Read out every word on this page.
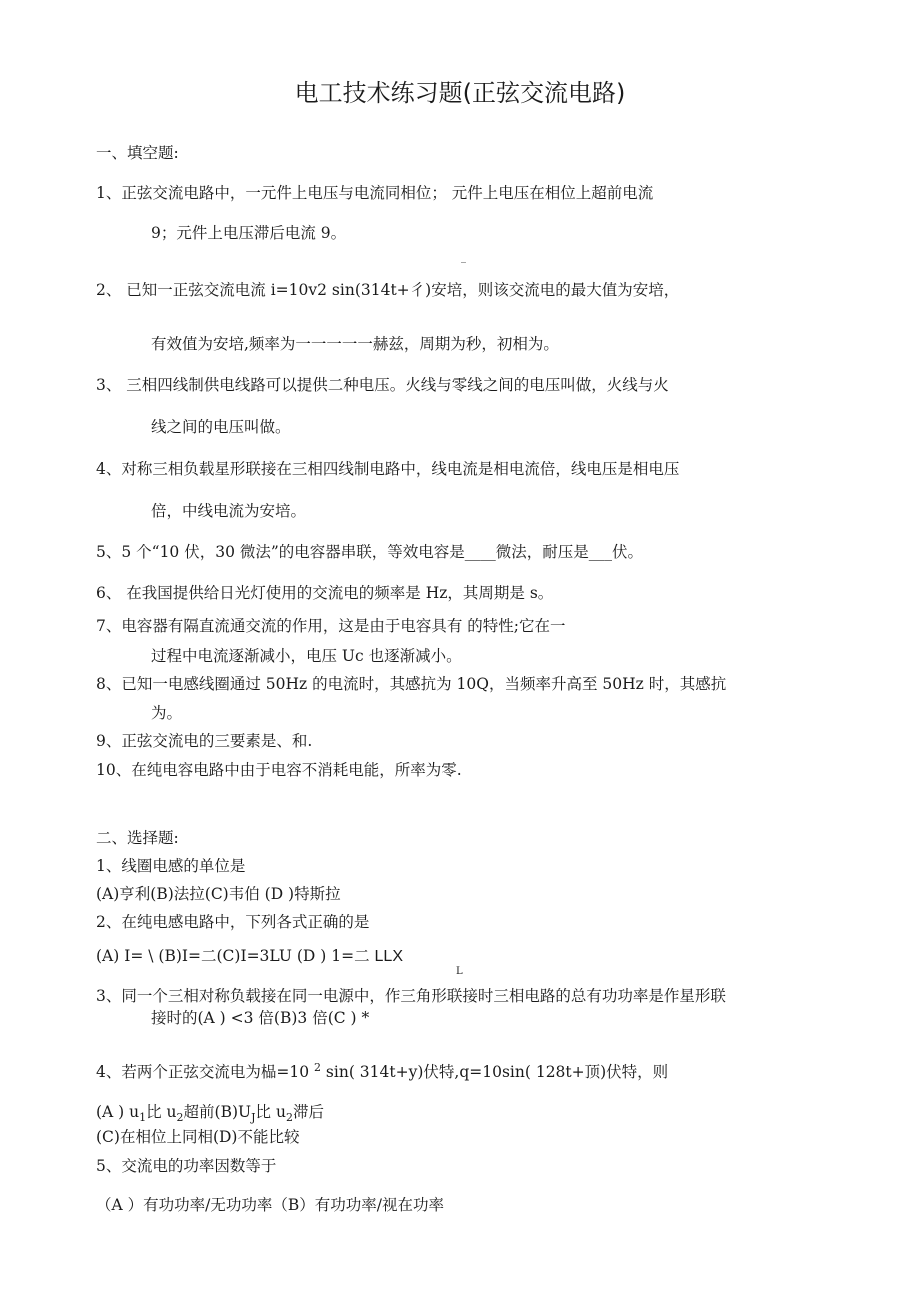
电工技术练习题(正弦交流电路)
一、填空题:
1、正弦交流电路中，一元件上电压与电流同相位； 元件上电压在相位上超前电流
9；元件上电压滞后电流 9。
_
2、 已知一正弦交流电流 i=10v2 sin(314t+彳)安培，则该交流电的最大值为安培，
有效值为安培,频率为一一一一一赫兹，周期为秒，初相为。
3、 三相四线制供电线路可以提供二种电压。火线与零线之间的电压叫做，火线与火
线之间的电压叫做。
4、对称三相负载星形联接在三相四线制电路中，线电流是相电流倍，线电压是相电压
倍，中线电流为安培。
5、5 个“10 伏，30 微法”的电容器串联，等效电容是____微法，耐压是___伏。
6、 在我国提供给日光灯使用的交流电的频率是 Hz，其周期是 s。
7、电容器有隔直流通交流的作用，这是由于电容具有 的特性;它在一
过程中电流逐渐减小，电压 Uc 也逐渐减小。
8、已知一电感线圈通过 50Hz 的电流时，其感抗为 10Q，当频率升高至 50Hz 时，其感抗
为。
9、正弦交流电的三要素是、和.
10、在纯电容电路中由于电容不消耗电能，所率为零.
二、选择题:
1、线圈电感的单位是
(A)亨利(B)法拉(C)韦伯 (D )特斯拉
2、在纯电感电路中，下列各式正确的是
(A) I= \ (B)I=二(C)I=3LU (D ) 1=二 LLX
L
3、同一个三相对称负载接在同一电源中，作三角形联接时三相电路的总有功功率是作星形联
接时的(A ) <3 倍(B)3 倍(C ) *
4、若两个正弦交流电为榀=10 $^2$ sin( 314t+y)伏特,q=10sin( 128t+顶)伏特，则
(A ) $u_1$比 $u_2$超前$(B)U_J$比 $u_2$滞后
(C)在相位上同相(D)不能比较
5、交流电的功率因数等于
（A ）有功功率/无功功率（B）有功功率/视在功率
